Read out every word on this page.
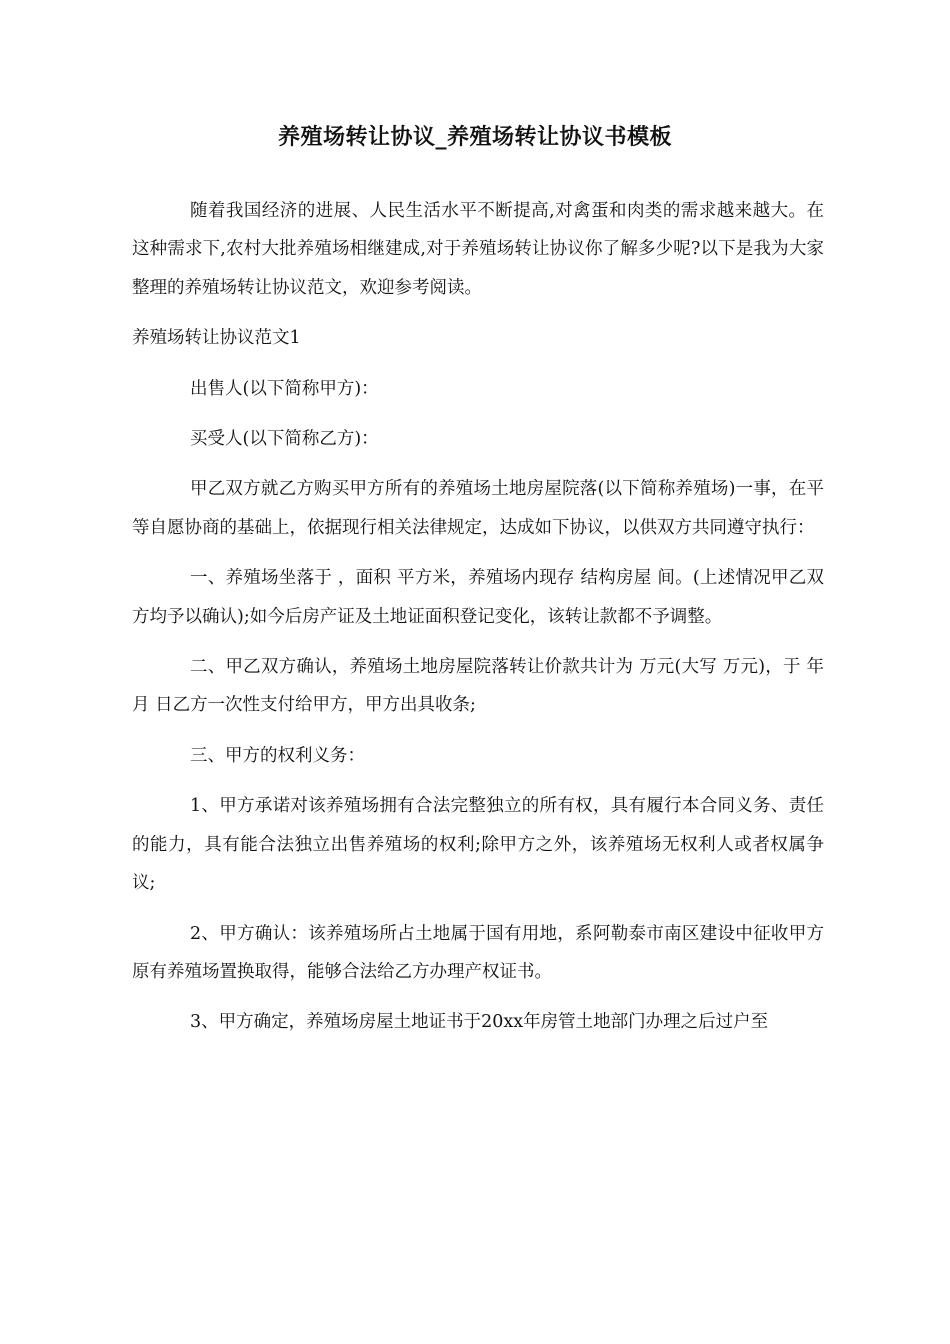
养殖场转让协议_养殖场转让协议书模板

随着我国经济的进展、人民生活水平不断提高,对禽蛋和肉类的需求越来越大。在这种需求下,农村大批养殖场相继建成,对于养殖场转让协议你了解多少呢?以下是我为大家整理的养殖场转让协议范文，欢迎参考阅读。

养殖场转让协议范文1

出售人(以下简称甲方)：

买受人(以下简称乙方)：

甲乙双方就乙方购买甲方所有的养殖场土地房屋院落(以下简称养殖场)一事，在平等自愿协商的基础上，依据现行相关法律规定，达成如下协议，以供双方共同遵守执行：

一、养殖场坐落于 ，面积 平方米，养殖场内现存 结构房屋 间。(上述情况甲乙双方均予以确认);如今后房产证及土地证面积登记变化，该转让款都不予调整。

二、甲乙双方确认，养殖场土地房屋院落转让价款共计为 万元(大写 万元)，于 年 月 日乙方一次性支付给甲方，甲方出具收条;

三、甲方的权利义务：

1、甲方承诺对该养殖场拥有合法完整独立的所有权，具有履行本合同义务、责任的能力，具有能合法独立出售养殖场的权利;除甲方之外，该养殖场无权利人或者权属争议;

2、甲方确认：该养殖场所占土地属于国有用地，系阿勒泰市南区建设中征收甲方原有养殖场置换取得，能够合法给乙方办理产权证书。

3、甲方确定，养殖场房屋土地证书于20xx年房管土地部门办理之后过户至
